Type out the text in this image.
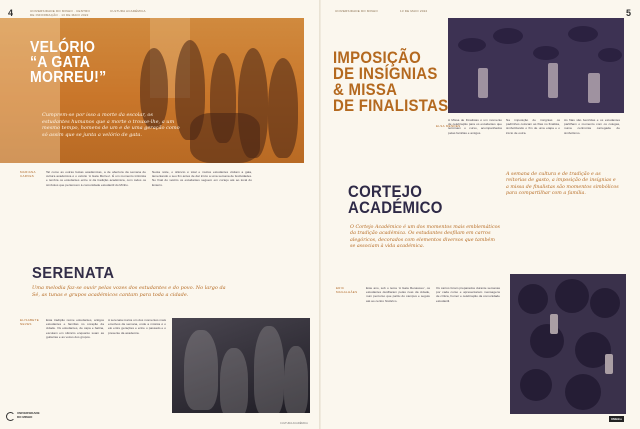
4	UNIVERSIDADE DO MINHO · CENTRO DE INFORMAÇÃO · 13 DE MAIO 2022
CULTURA ACADÉMICA
VELÓRIO
“A GATA MORREU!”
Cumprem-se por isso a morte da escolar, os estudantes humanos que a morte o trouxe-lhe, a um mesmo tempo, homens de um e de uma geração como só assim que se junta a velório de gata.
MARIANA CARVES
Tal como as outras festas académicas, a de abertura da semana de cultura académica é o velório ‘A Gata Morreu’. É um momento intimista e lembra os estudantes entre si da tradição académica, com todos os símbolos que pertencem à comunidade estudantil do Minho.
Nesta noite, o silêncio é total e muitos estudantes visitam a gata, lamentando o seu fim antes de dar início a uma semana de festividades. No final do velório os estudantes seguem em cortejo até ao local do Enterro.
SERENATA
Uma melodia faz-se ouvir pelas vozes dos estudantes e do povo. No largo da Sé, as tunas e grupos académicos cantam para toda a cidade.
ELISABETE NEVES
Esta tradição reúne estudantes, antigos estudantes e famílias no coração da cidade. Os estudantes, de capa e batina, escutam em silêncio enquanto soam as guitarras e as vozes dos grupos.
A serenata marca um dos momentos mais emotivos da semana, onde a música é o elo entre gerações e entre o passado e o presente da academia.
UNIVERSIDADE
DO MINHO
CULTURA ACADÉMICA
UNIVERSIDADE DO MINHO	13 DE MAIO 2022	5
IMPOSIÇÃO
DE INSÍGNIAS
& MISSA
DE FINALISTAS
ELSA MENDES
A Missa de Finalistas é um momento de celebração para os estudantes que terminam o curso, acompanhados pelas famílias e amigos.
Na imposição de insígnias os padrinhos colocam as fitas no finalista, simbolizando o fim de uma etapa e o início de outra.
As fitas são benzidas e os estudantes partilham o momento com os colegas, numa cerimónia carregada de simbolismo.
A semana de cultura e de tradição e as reitorias de gasto, a imposição de insígnias e a missa de finalistas são momentos simbólicos para compartilhar com a família.
CORTEJO
ACADÉMICO
O Cortejo Académico é um dos momentos mais emblemáticos da tradição académica. Os estudantes desfilam em carros alegóricos, decorados com elementos diversos que também se associam à vida académica.
ERIC MAGALHÃES
Este ano, sob o tema ‘A Gata Renasceu’, os estudantes desfilaram pelas ruas da cidade, num percurso que partiu do campus e seguiu até ao centro histórico.
Os carros foram preparados durante semanas por cada curso e apresentaram mensagens de crítica, humor e celebração da comunidade estudantil.
UMinho
